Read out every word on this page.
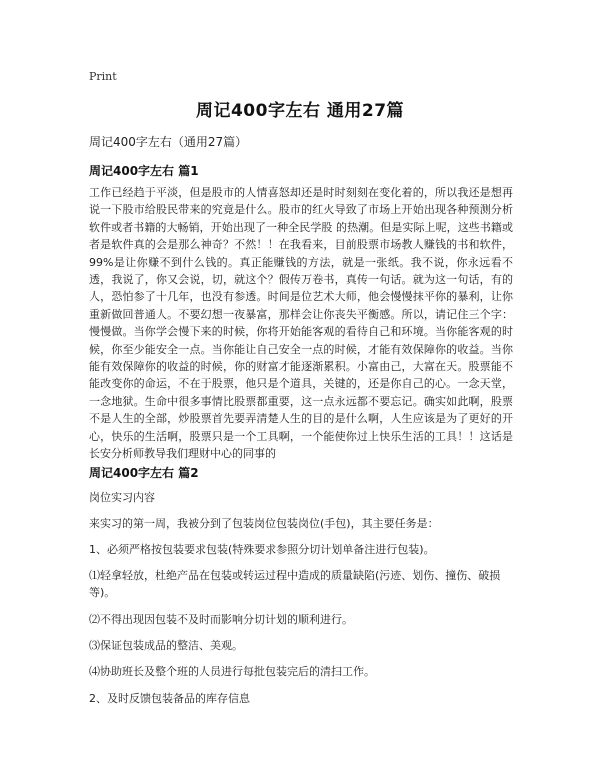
Print
周记400字左右 通用27篇
周记400字左右（通用27篇）
周记400字左右 篇1
工作已经趋于平淡，但是股市的人情喜怒却还是时时刻刻在变化着的，所以我还是想再说一下股市给股民带来的究竟是什么。股市的红火导致了市场上开始出现各种预测分析软件或者书籍的大畅销，开始出现了一种全民学股 的热潮。但是实际上呢，这些书籍或者是软件真的会是那么神奇？不然！！在我看来，目前股票市场教人赚钱的书和软件，99%是让你赚不到什么钱的。真正能赚钱的方法，就是一张纸。我不说，你永远看不透，我说了，你又会说，切，就这个？假传万卷书，真传一句话。就为这一句话，有的人，恐怕参了十几年，也没有参透。时间是位艺术大师，他会慢慢抹平你的暴利，让你重新做回普通人。不要幻想一夜暴富，那样会让你丧失平衡感。所以，请记住三个字：慢慢做。当你学会慢下来的时候，你将开始能客观的看待自己和环境。当你能客观的时候，你至少能安全一点。当你能让自己安全一点的时候，才能有效保障你的收益。当你能有效保障你的收益的时候，你的财富才能逐渐累积。小富由己，大富在天。股票能不能改变你的命运，不在于股票，他只是个道具，关键的，还是你自己的心。一念天堂，一念地狱。生命中很多事情比股票都重要，这一点永远都不要忘记。确实如此啊，股票不是人生的全部，炒股票首先要弄清楚人生的目的是什么啊，人生应该是为了更好的开心，快乐的生活啊，股票只是一个工具啊，一个能使你过上快乐生活的工具！！这话是长安分析师教导我们理财中心的同事的
周记400字左右 篇2
岗位实习内容
来实习的第一周，我被分到了包装岗位包装岗位(手包)，其主要任务是：
1、必须严格按包装要求包装(特殊要求参照分切计划单备注进行包装)。
⑴轻拿轻放，杜绝产品在包装或转运过程中造成的质量缺陷(污迹、划伤、撞伤、破损等)。
⑵不得出现因包装不及时而影响分切计划的顺利进行。
⑶保证包装成品的整洁、美观。
⑷协助班长及整个班的人员进行每批包装完后的清扫工作。
2、及时反馈包装备品的库存信息
